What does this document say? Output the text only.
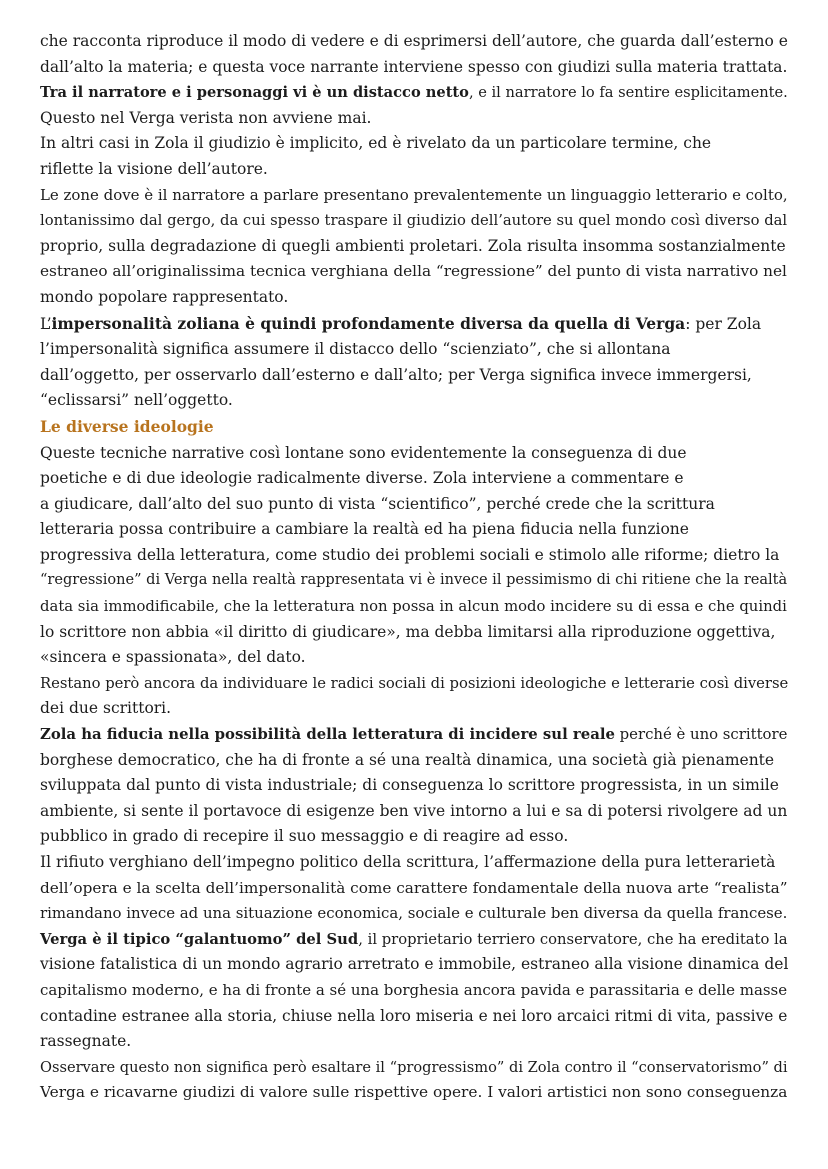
che racconta riproduce il modo di vedere e di esprimersi dell’autore, che guarda dall’esterno e
dall’alto la materia; e questa voce narrante interviene spesso con giudizi sulla materia trattata.
Tra il narratore e i personaggi vi è un distacco netto, e il narratore lo fa sentire esplicitamente.
Questo nel Verga verista non avviene mai.
In altri casi in Zola il giudizio è implicito, ed è rivelato da un particolare termine, che
riflette la visione dell’autore.
Le zone dove è il narratore a parlare presentano prevalentemente un linguaggio letterario e colto,
lontanissimo dal gergo, da cui spesso traspare il giudizio dell’autore su quel mondo così diverso dal
proprio, sulla degradazione di quegli ambienti proletari. Zola risulta insomma sostanzialmente
estraneo all’originalissima tecnica verghiana della “regressione” del punto di vista narrativo nel
mondo popolare rappresentato.
L’impersonalità zoliana è quindi profondamente diversa da quella di Verga: per Zola
l’impersonalità significa assumere il distacco dello “scienziato”, che si allontana
dall’oggetto, per osservarlo dall’esterno e dall’alto; per Verga significa invece immergersi,
“eclissarsi” nell’oggetto.
Le diverse ideologie
Queste tecniche narrative così lontane sono evidentemente la conseguenza di due
poetiche e di due ideologie radicalmente diverse. Zola interviene a commentare e
a giudicare, dall’alto del suo punto di vista “scientifico”, perché crede che la scrittura
letteraria possa contribuire a cambiare la realtà ed ha piena fiducia nella funzione
progressiva della letteratura, come studio dei problemi sociali e stimolo alle riforme; dietro la
“regressione” di Verga nella realtà rappresentata vi è invece il pessimismo di chi ritiene che la realtà
data sia immodificabile, che la letteratura non possa in alcun modo incidere su di essa e che quindi
lo scrittore non abbia «il diritto di giudicare», ma debba limitarsi alla riproduzione oggettiva,
«sincera e spassionata», del dato.
Restano però ancora da individuare le radici sociali di posizioni ideologiche e letterarie così diverse
dei due scrittori.
Zola ha fiducia nella possibilità della letteratura di incidere sul reale perché è uno scrittore
borghese democratico, che ha di fronte a sé una realtà dinamica, una società già pienamente
sviluppata dal punto di vista industriale; di conseguenza lo scrittore progressista, in un simile
ambiente, si sente il portavoce di esigenze ben vive intorno a lui e sa di potersi rivolgere ad un
pubblico in grado di recepire il suo messaggio e di reagire ad esso.
Il rifiuto verghiano dell’impegno politico della scrittura, l’affermazione della pura letterarietà
dell’opera e la scelta dell’impersonalità come carattere fondamentale della nuova arte “realista”
rimandano invece ad una situazione economica, sociale e culturale ben diversa da quella francese.
Verga è il tipico “galantuomo” del Sud, il proprietario terriero conservatore, che ha ereditato la
visione fatalistica di un mondo agrario arretrato e immobile, estraneo alla visione dinamica del
capitalismo moderno, e ha di fronte a sé una borghesia ancora pavida e parassitaria e delle masse
contadine estranee alla storia, chiuse nella loro miseria e nei loro arcaici ritmi di vita, passive e
rassegnate.
Osservare questo non significa però esaltare il “progressismo” di Zola contro il “conservatorismo” di
Verga e ricavarne giudizi di valore sulle rispettive opere. I valori artistici non sono conseguenza
